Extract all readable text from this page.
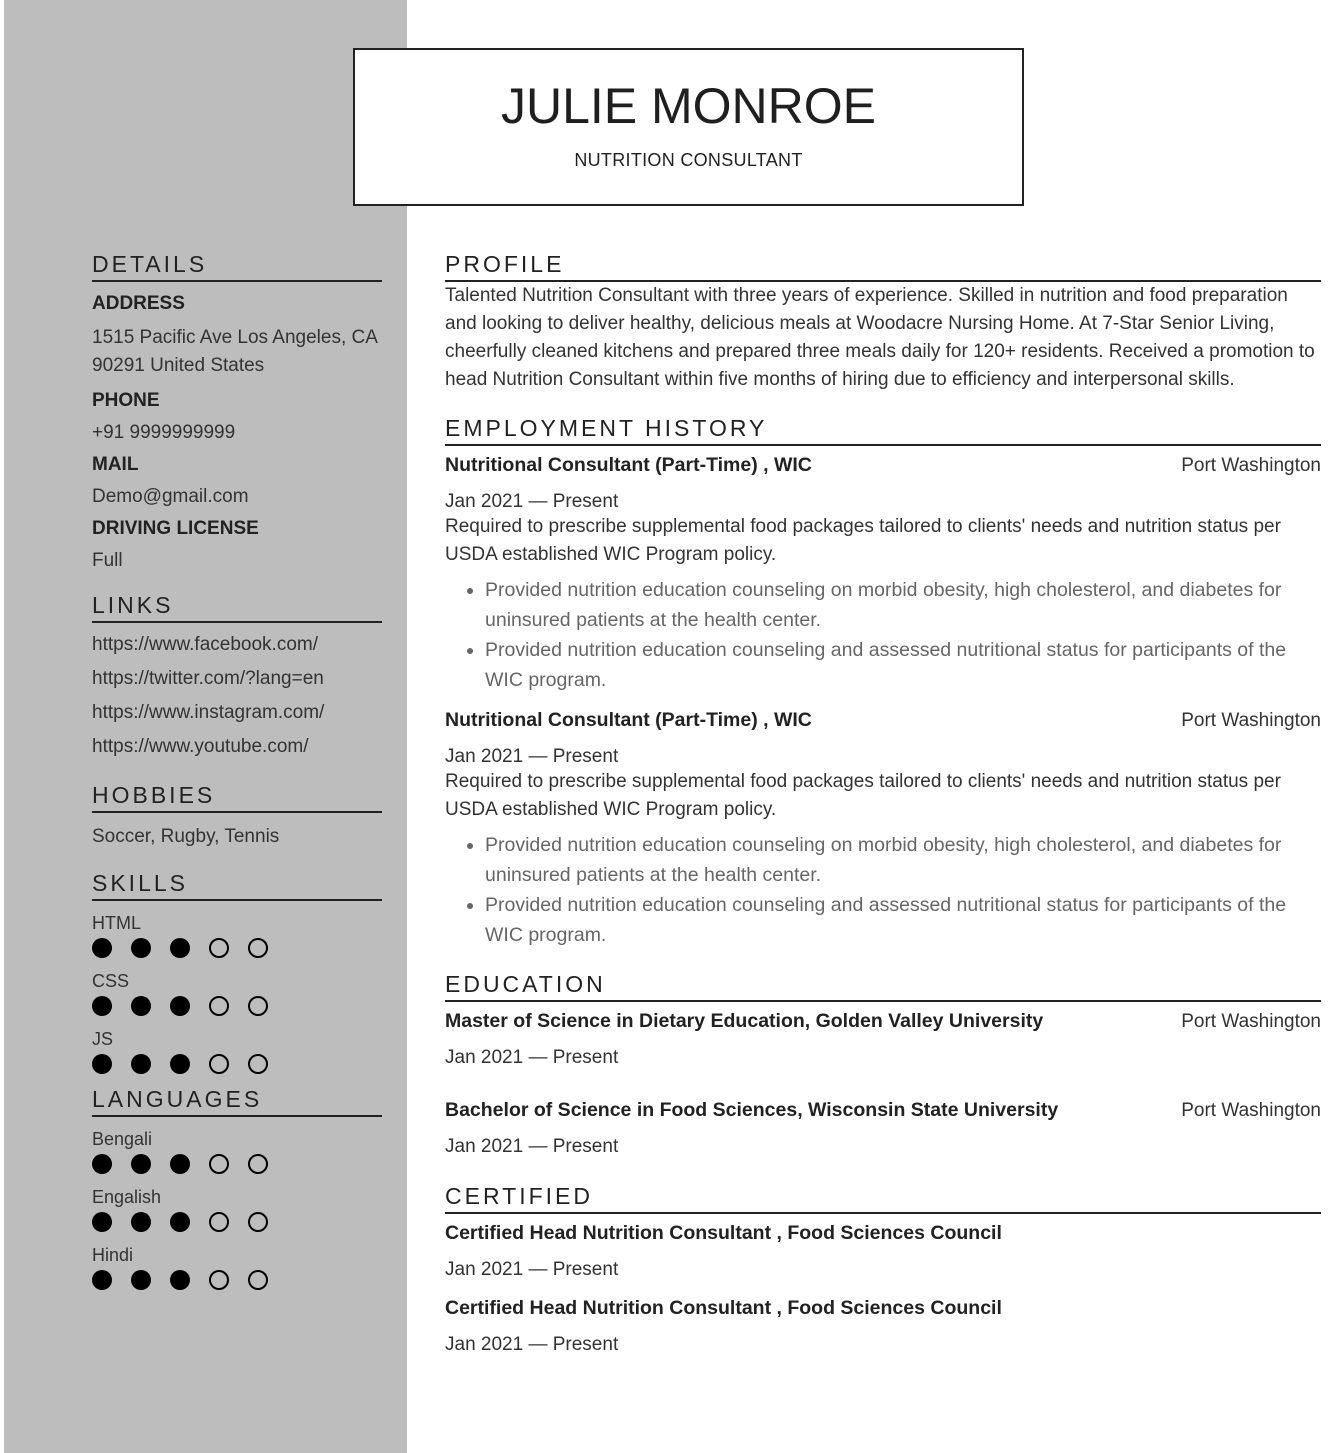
JULIE MONROE
NUTRITION CONSULTANT
DETAILS
ADDRESS
1515 Pacific Ave Los Angeles, CA
90291 United States
PHONE
+91 9999999999
MAIL
Demo@gmail.com
DRIVING LICENSE
Full
LINKS
https://www.facebook.com/
https://twitter.com/?lang=en
https://www.instagram.com/
https://www.youtube.com/
HOBBIES
Soccer, Rugby, Tennis
SKILLS
HTML
CSS
JS
LANGUAGES
Bengali
Engalish
Hindi
PROFILE

Talented Nutrition Consultant with three years of experience. Skilled in nutrition and food preparation and looking to deliver healthy, delicious meals at Woodacre Nursing Home. At 7-Star Senior Living, cheerfully cleaned kitchens and prepared three meals daily for 120+ residents. Received a promotion to head Nutrition Consultant within five months of hiring due to efficiency and interpersonal skills.

EMPLOYMENT HISTORY
Nutritional Consultant (Part-Time) , WIC	Port Washington
Jan 2021 — Present

Required to prescribe supplemental food packages tailored to clients' needs and nutrition status per USDA established WIC Program policy.

• Provided nutrition education counseling on morbid obesity, high cholesterol, and diabetes for uninsured patients at the health center.
• Provided nutrition education counseling and assessed nutritional status for participants of the WIC program.
Nutritional Consultant (Part-Time) , WIC	Port Washington
Jan 2021 — Present

Required to prescribe supplemental food packages tailored to clients' needs and nutrition status per USDA established WIC Program policy.

• Provided nutrition education counseling on morbid obesity, high cholesterol, and diabetes for uninsured patients at the health center.
• Provided nutrition education counseling and assessed nutritional status for participants of the WIC program.
EDUCATION
Master of Science in Dietary Education, Golden Valley University	Port Washington
Jan 2021 — Present
Bachelor of Science in Food Sciences, Wisconsin State University	Port Washington
Jan 2021 — Present
CERTIFIED
Certified Head Nutrition Consultant , Food Sciences Council
Jan 2021 — Present
Certified Head Nutrition Consultant , Food Sciences Council
Jan 2021 — Present
